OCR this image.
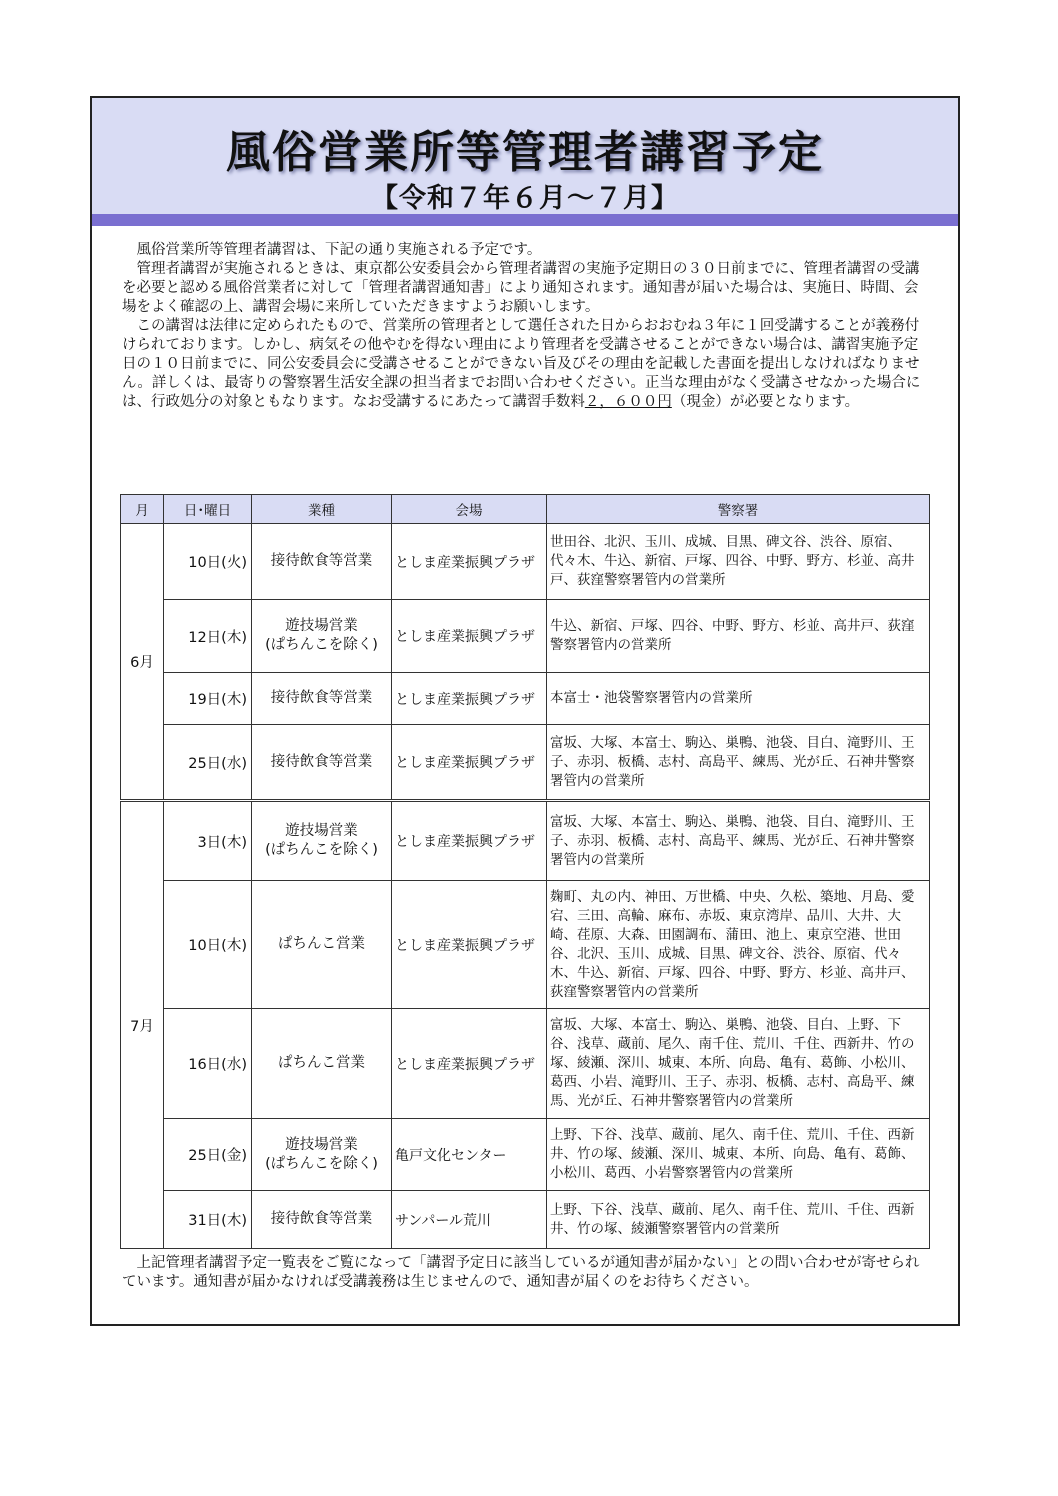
風俗営業所等管理者講習予定
【令和７年６月～７月】

風俗営業所等管理者講習は、下記の通り実施される予定です。

管理者講習が実施されるときは、東京都公安委員会から管理者講習の実施予定期日の３０日前までに、管理者講習の受講を必要と認める風俗営業者に対して「管理者講習通知書」により通知されます。通知書が届いた場合は、実施日、時間、会場をよく確認の上、講習会場に来所していただきますようお願いします。

この講習は法律に定められたもので、営業所の管理者として選任された日からおおむね３年に１回受講することが義務付けられております。しかし、病気その他やむを得ない理由により管理者を受講させることができない場合は、講習実施予定日の１０日前までに、同公安委員会に受講させることができない旨及びその理由を記載した書面を提出しなければなりません。詳しくは、最寄りの警察署生活安全課の担当者までお問い合わせください。正当な理由がなく受講させなかった場合には、行政処分の対象ともなります。なお受講するにあたって講習手数料２，６００円（現金）が必要となります。

月	日･曜日	業種	会場	警察署
6月	10日(火)	接待飲食等営業	としま産業振興プラザ	世田谷、北沢、玉川、成城、目黒、碑文谷、渋谷、原宿、代々木、牛込、新宿、戸塚、四谷、中野、野方、杉並、高井戸、荻窪警察署管内の営業所
	12日(木)	遊技場営業
(ぱちんこを除く)	としま産業振興プラザ	牛込、新宿、戸塚、四谷、中野、野方、杉並、高井戸、荻窪警察署管内の営業所
	19日(木)	接待飲食等営業	としま産業振興プラザ	本富士・池袋警察署管内の営業所
	25日(水)	接待飲食等営業	としま産業振興プラザ	富坂、大塚、本富士、駒込、巣鴨、池袋、目白、滝野川、王子、赤羽、板橋、志村、高島平、練馬、光が丘、石神井警察署管内の営業所
7月	3日(木)	遊技場営業
(ぱちんこを除く)	としま産業振興プラザ	富坂、大塚、本富士、駒込、巣鴨、池袋、目白、滝野川、王子、赤羽、板橋、志村、高島平、練馬、光が丘、石神井警察署管内の営業所
	10日(木)	ぱちんこ営業	としま産業振興プラザ	麹町、丸の内、神田、万世橋、中央、久松、築地、月島、愛宕、三田、高輪、麻布、赤坂、東京湾岸、品川、大井、大崎、荏原、大森、田園調布、蒲田、池上、東京空港、世田谷、北沢、玉川、成城、目黒、碑文谷、渋谷、原宿、代々木、牛込、新宿、戸塚、四谷、中野、野方、杉並、高井戸、荻窪警察署管内の営業所
	16日(水)	ぱちんこ営業	としま産業振興プラザ	富坂、大塚、本富士、駒込、巣鴨、池袋、目白、上野、下谷、浅草、蔵前、尾久、南千住、荒川、千住、西新井、竹の塚、綾瀬、深川、城東、本所、向島、亀有、葛飾、小松川、葛西、小岩、滝野川、王子、赤羽、板橋、志村、高島平、練馬、光が丘、石神井警察署管内の営業所
	25日(金)	遊技場営業
(ぱちんこを除く)	亀戸文化センター	上野、下谷、浅草、蔵前、尾久、南千住、荒川、千住、西新井、竹の塚、綾瀬、深川、城東、本所、向島、亀有、葛飾、小松川、葛西、小岩警察署管内の営業所
	31日(木)	接待飲食等営業	サンパール荒川	上野、下谷、浅草、蔵前、尾久、南千住、荒川、千住、西新井、竹の塚、綾瀬警察署管内の営業所

上記管理者講習予定一覧表をご覧になって「講習予定日に該当しているが通知書が届かない」との問い合わせが寄せられています。通知書が届かなければ受講義務は生じませんので、通知書が届くのをお待ちください。
